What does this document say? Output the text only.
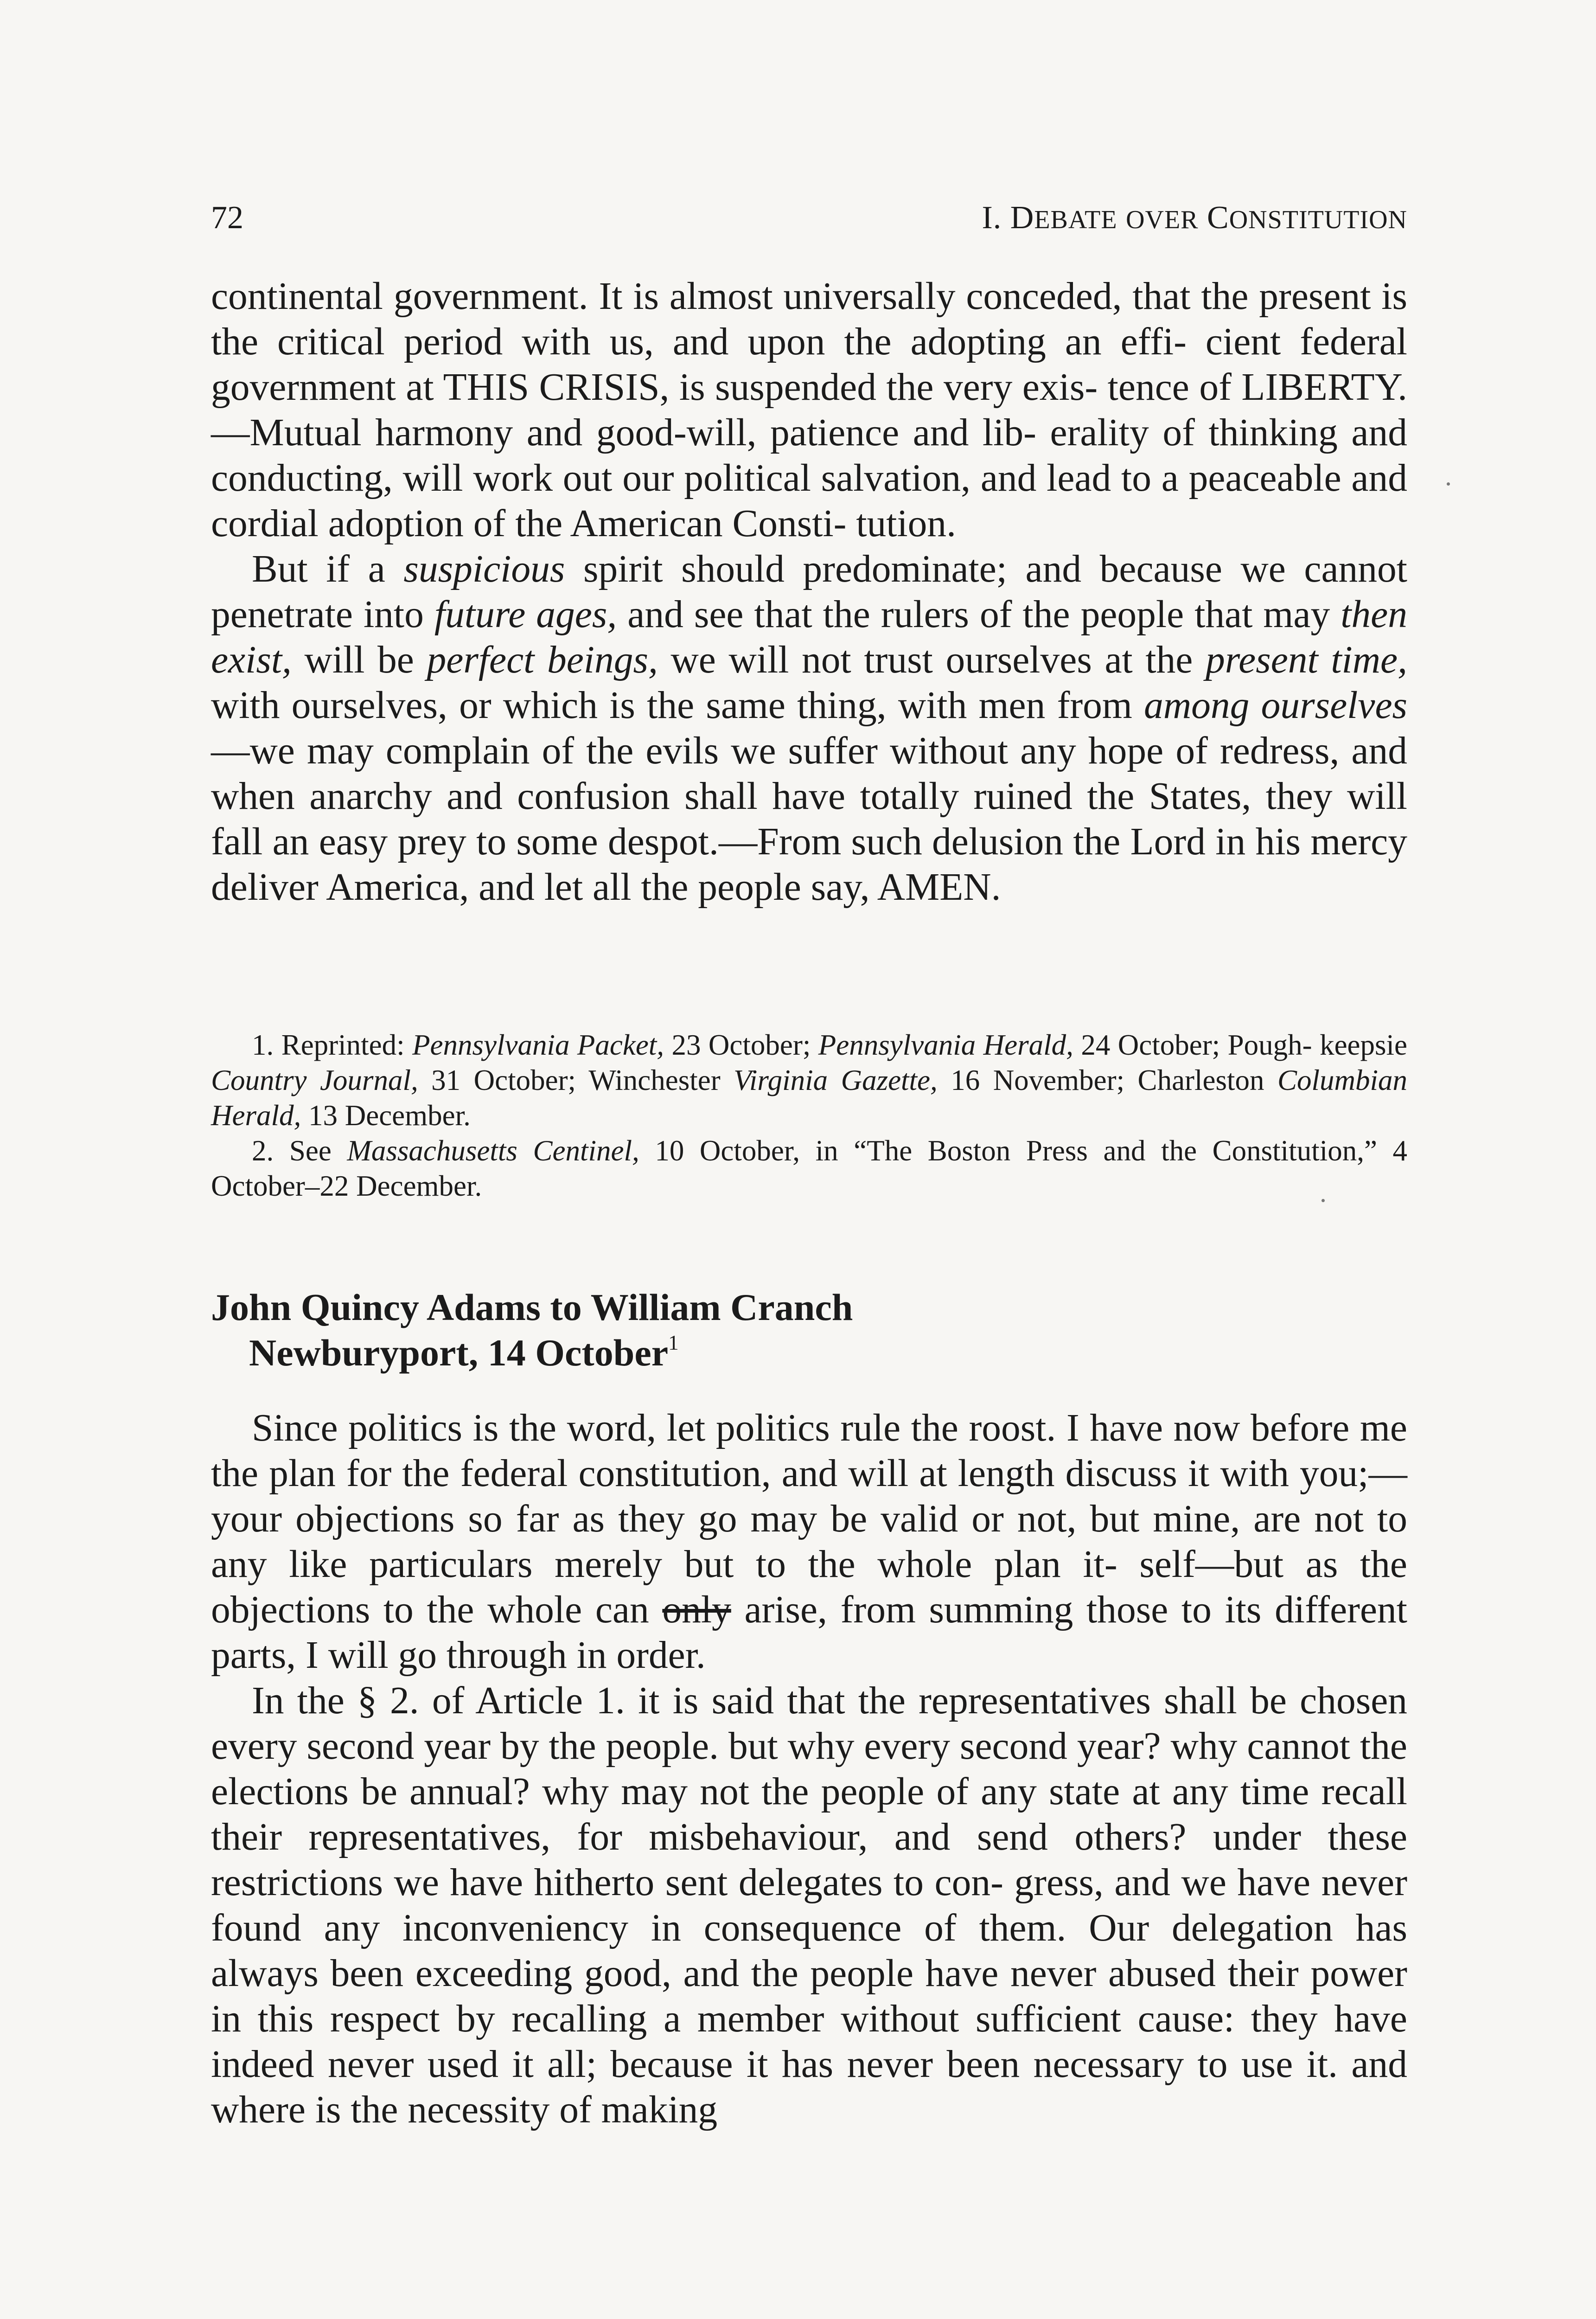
72	I. DEBATE OVER CONSTITUTION

continental government. It is almost universally conceded, that the present is the critical period with us, and upon the adopting an effi- cient federal government at THIS CRISIS, is suspended the very exis- tence of LIBERTY.—Mutual harmony and good-will, patience and lib- erality of thinking and conducting, will work out our political salvation, and lead to a peaceable and cordial adoption of the American Consti- tution.

But if a suspicious spirit should predominate; and because we cannot penetrate into future ages, and see that the rulers of the people that may then exist, will be perfect beings, we will not trust ourselves at the present time, with ourselves, or which is the same thing, with men from among ourselves—we may complain of the evils we suffer without any hope of redress, and when anarchy and confusion shall have totally ruined the States, they will fall an easy prey to some despot.—From such delusion the Lord in his mercy deliver America, and let all the people say, AMEN.

1. Reprinted: Pennsylvania Packet, 23 October; Pennsylvania Herald, 24 October; Pough- keepsie Country Journal, 31 October; Winchester Virginia Gazette, 16 November; Charleston Columbian Herald, 13 December.

2. See Massachusetts Centinel, 10 October, in “The Boston Press and the Constitution,” 4 October–22 December.

John Quincy Adams to William Cranch
Newburyport, 14 October$^1$

Since politics is the word, let politics rule the roost. I have now before me the plan for the federal constitution, and will at length discuss it with you;—your objections so far as they go may be valid or not, but mine, are not to any like particulars merely but to the whole plan it- self—but as the objections to the whole can only arise, from summing those to its different parts, I will go through in order.

In the § 2. of Article 1. it is said that the representatives shall be chosen every second year by the people. but why every second year? why cannot the elections be annual? why may not the people of any state at any time recall their representatives, for misbehaviour, and send others? under these restrictions we have hitherto sent delegates to con- gress, and we have never found any inconveniency in consequence of them. Our delegation has always been exceeding good, and the people have never abused their power in this respect by recalling a member without sufficient cause: they have indeed never used it all; because it has never been necessary to use it. and where is the necessity of making
